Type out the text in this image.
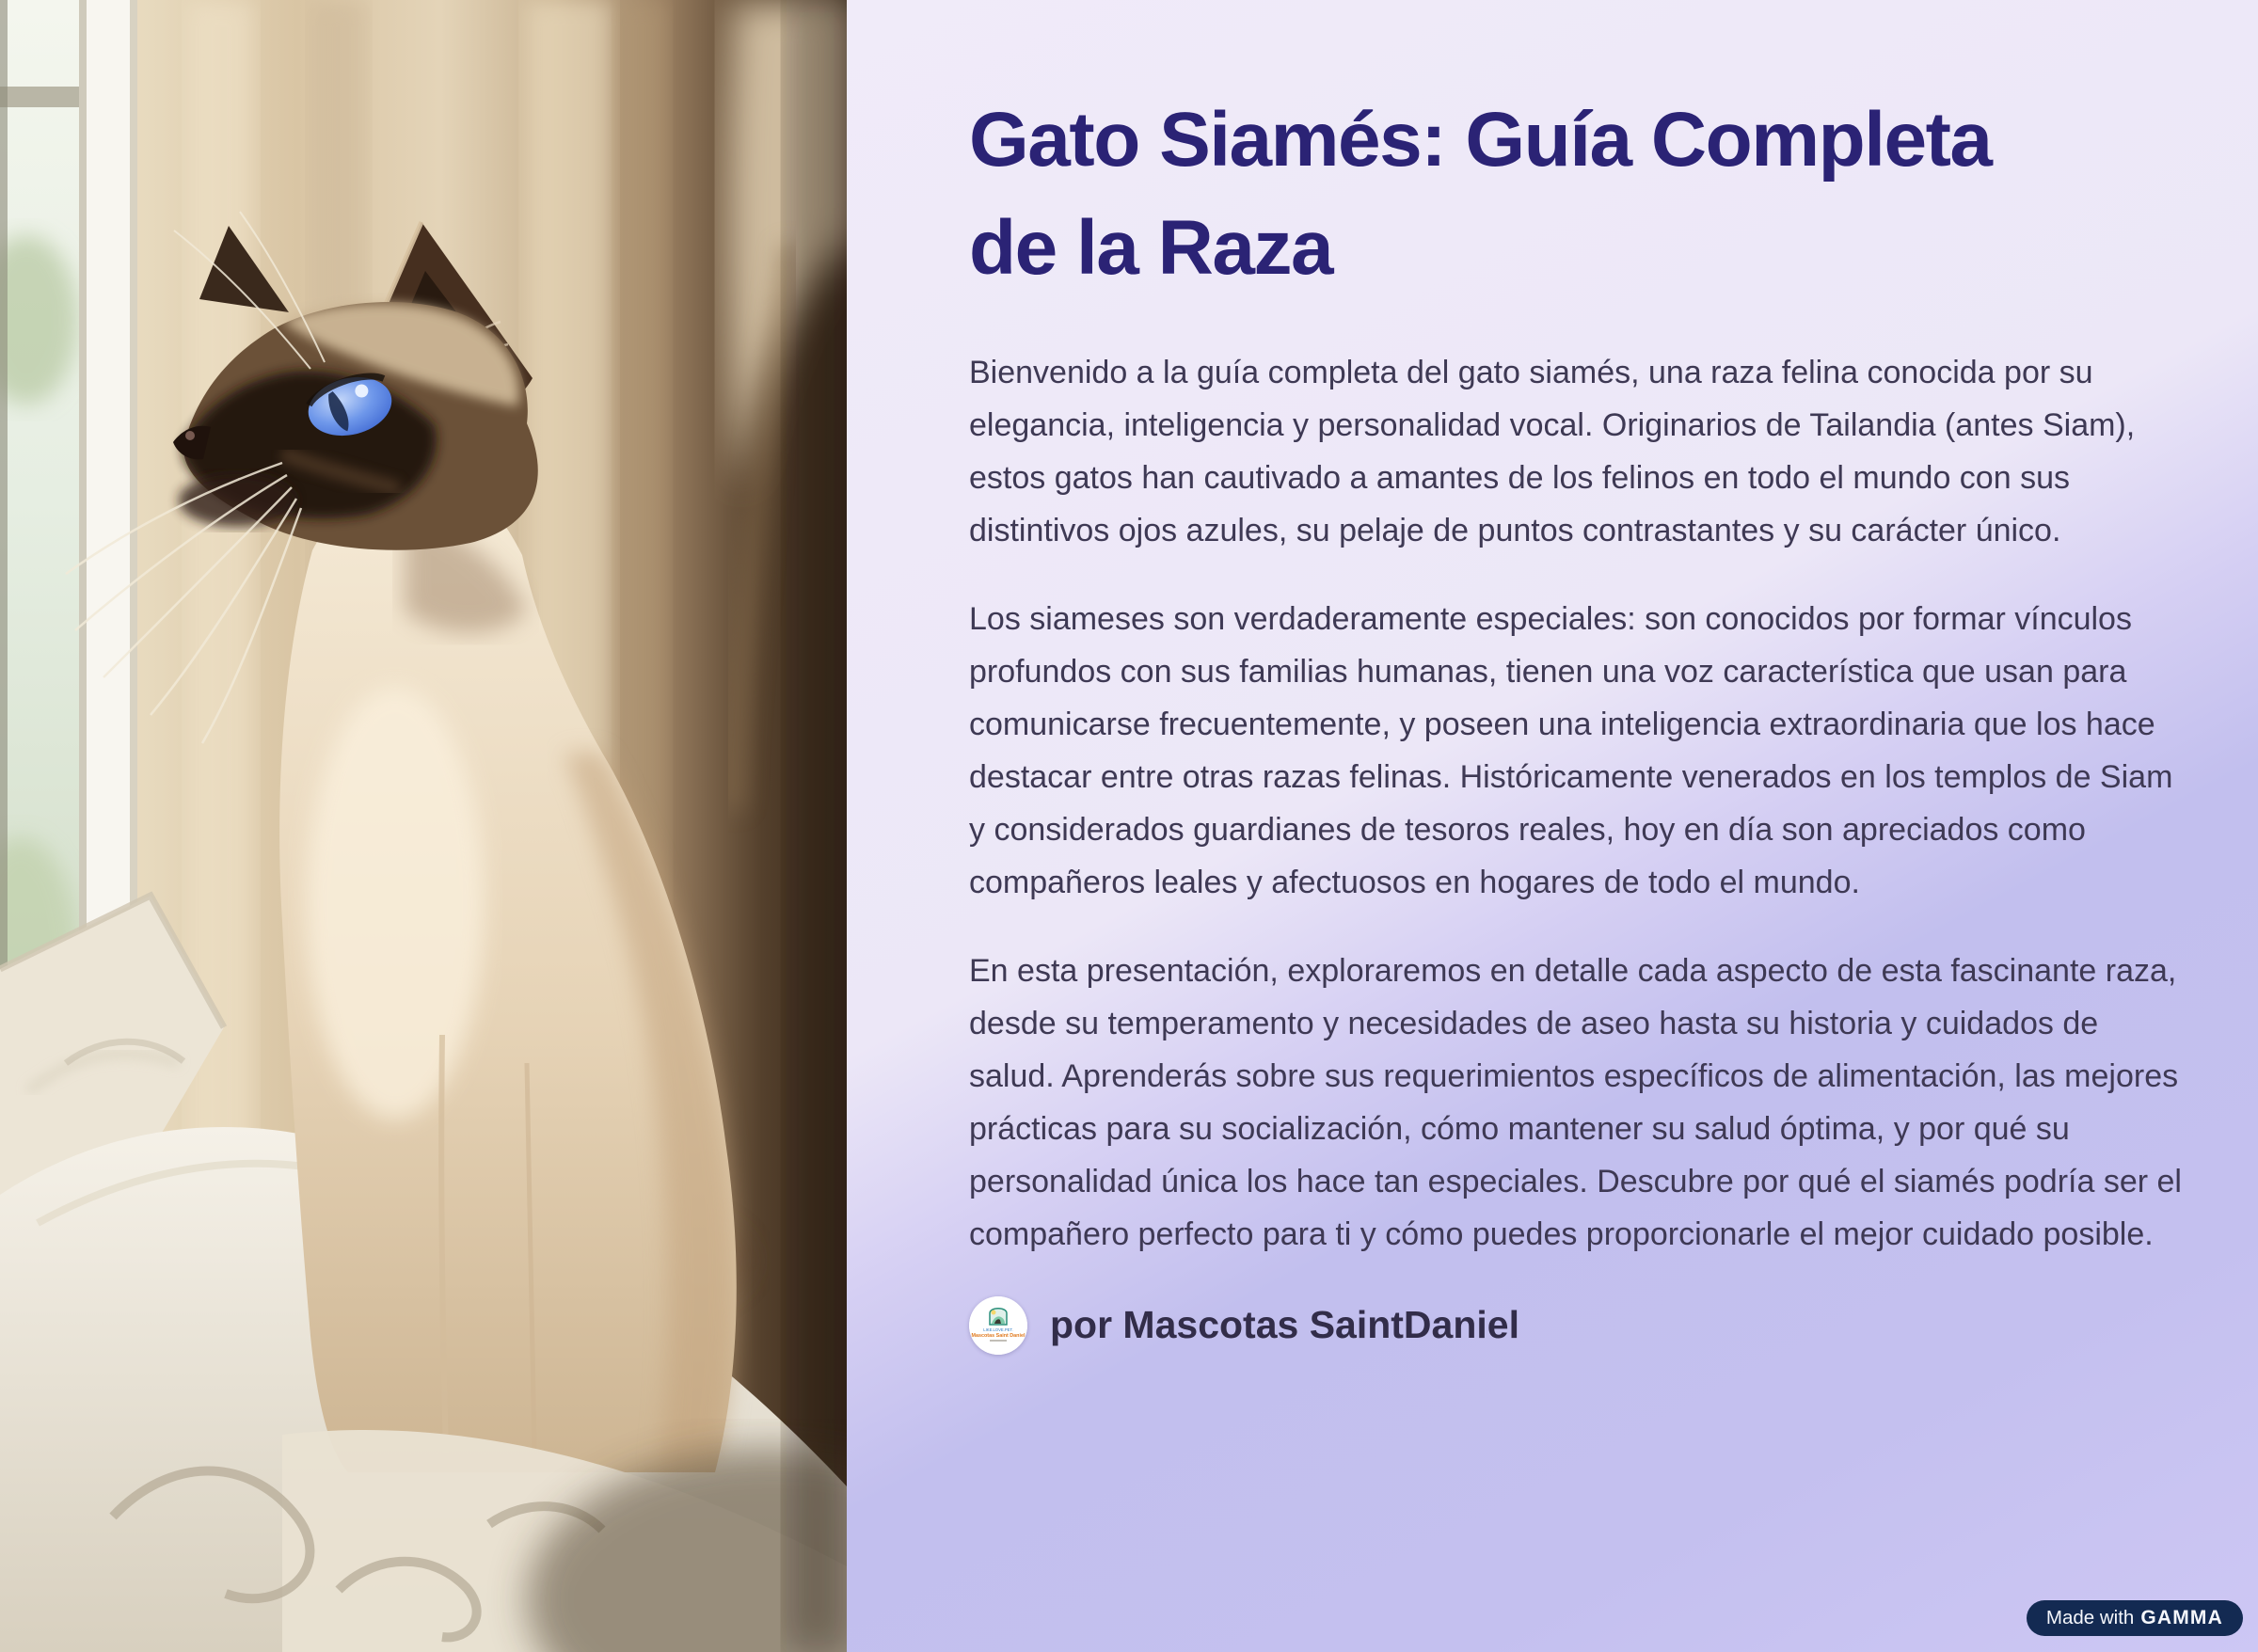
Gato Siamés: Guía Completa
de la Raza

Bienvenido a la guía completa del gato siamés, una raza felina conocida por su elegancia, inteligencia y personalidad vocal. Originarios de Tailandia (antes Siam), estos gatos han cautivado a amantes de los felinos en todo el mundo con sus distintivos ojos azules, su pelaje de puntos contrastantes y su carácter único.

Los siameses son verdaderamente especiales: son conocidos por formar vínculos profundos con sus familias humanas, tienen una voz característica que usan para comunicarse frecuentemente, y poseen una inteligencia extraordinaria que los hace destacar entre otras razas felinas. Históricamente venerados en los templos de Siam y considerados guardianes de tesoros reales, hoy en día son apreciados como compañeros leales y afectuosos en hogares de todo el mundo.

En esta presentación, exploraremos en detalle cada aspecto de esta fascinante raza, desde su temperamento y necesidades de aseo hasta su historia y cuidados de salud. Aprenderás sobre sus requerimientos específicos de alimentación, las mejores prácticas para su socialización, cómo mantener su salud óptima, y por qué su personalidad única los hace tan especiales. Descubre por qué el siamés podría ser el compañero perfecto para ti y cómo puedes proporcionarle el mejor cuidado posible.

LIKE.LOVE.PET.
Mascotas Saint Daniel por Mascotas SaintDaniel
Made with GAMMA
